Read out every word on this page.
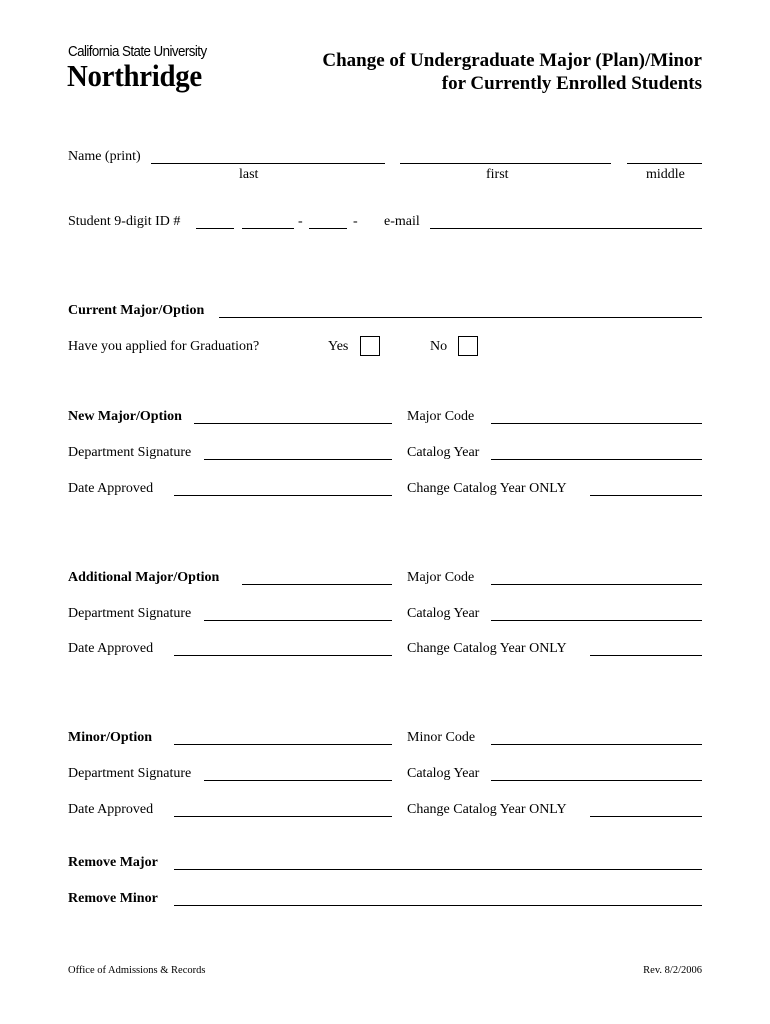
California State University
Northridge	Change of Undergraduate Major (Plan)/Minor
for Currently Enrolled Students
Name (print)
last	first	middle
Student 9-digit ID #	-	- e-mail
Current Major/Option
Have you applied for Graduation?	Yes	No
New Major/Option	Major Code
Department Signature	Catalog Year
Date Approved	Change Catalog Year ONLY
Additional Major/Option	Major Code
Department Signature	Catalog Year
Date Approved	Change Catalog Year ONLY
Minor/Option	Minor Code
Department Signature	Catalog Year
Date Approved	Change Catalog Year ONLY
Remove Major
Remove Minor
Office of Admissions & Records	Rev. 8/2/2006
